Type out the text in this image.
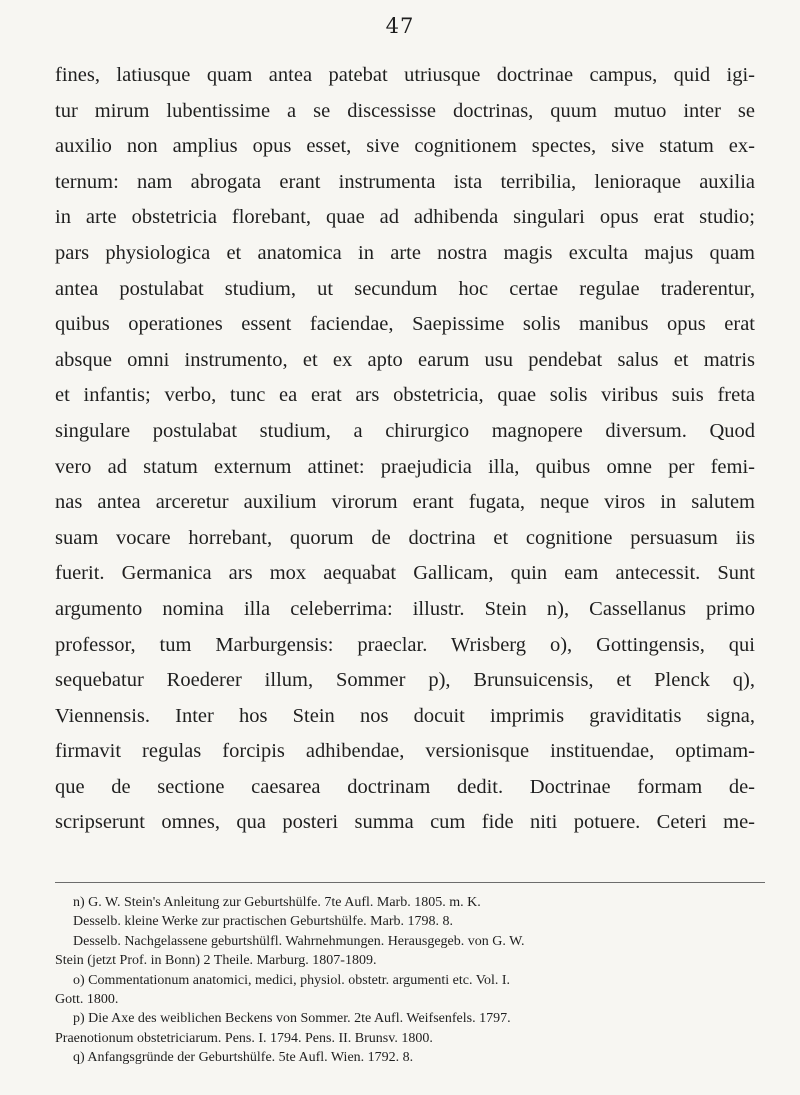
47
fines, latiusque quam antea patebat utriusque doctrinae campus, quid igi-
tur mirum lubentissime a se discessisse doctrinas, quum mutuo inter se
auxilio non amplius opus esset, sive cognitionem spectes, sive statum ex-
ternum: nam abrogata erant instrumenta ista terribilia, lenioraque auxilia
in arte obstetricia florebant, quae ad adhibenda singulari opus erat studio;
pars physiologica et anatomica in arte nostra magis exculta majus quam
antea postulabat studium, ut secundum hoc certae regulae traderentur,
quibus operationes essent faciendae, Saepissime solis manibus opus erat
absque omni instrumento, et ex apto earum usu pendebat salus et matris
et infantis; verbo, tunc ea erat ars obstetricia, quae solis viribus suis freta
singulare postulabat studium, a chirurgico magnopere diversum. Quod
vero ad statum externum attinet: praejudicia illa, quibus omne per femi-
nas antea arceretur auxilium virorum erant fugata, neque viros in salutem
suam vocare horrebant, quorum de doctrina et cognitione persuasum iis
fuerit. Germanica ars mox aequabat Gallicam, quin eam antecessit. Sunt
argumento nomina illa celeberrima: illustr. Stein n), Cassellanus primo
professor, tum Marburgensis: praeclar. Wrisberg o), Gottingensis, qui
sequebatur Roederer illum, Sommer p), Brunsuicensis, et Plenck q),
Viennensis. Inter hos Stein nos docuit imprimis graviditatis signa,
firmavit regulas forcipis adhibendae, versionisque instituendae, optimam-
que de sectione caesarea doctrinam dedit. Doctrinae formam de-
scripserunt omnes, qua posteri summa cum fide niti potuere. Ceteri me-
n) G. W. Stein's Anleitung zur Geburtshülfe. 7te Aufl. Marb. 1805. m. K.
Desselb. kleine Werke zur practischen Geburtshülfe. Marb. 1798. 8.
Desselb. Nachgelassene geburtshülfl. Wahrnehmungen. Herausgegeb. von G. W.
Stein (jetzt Prof. in Bonn) 2 Theile. Marburg. 1807-1809.
o) Commentationum anatomici, medici, physiol. obstetr. argumenti etc. Vol. I.
Gott. 1800.
p) Die Axe des weiblichen Beckens von Sommer. 2te Aufl. Weifsenfels. 1797.
Praenotionum obstetriciarum. Pens. I. 1794. Pens. II. Brunsv. 1800.
q) Anfangsgründe der Geburtshülfe. 5te Aufl. Wien. 1792. 8.
